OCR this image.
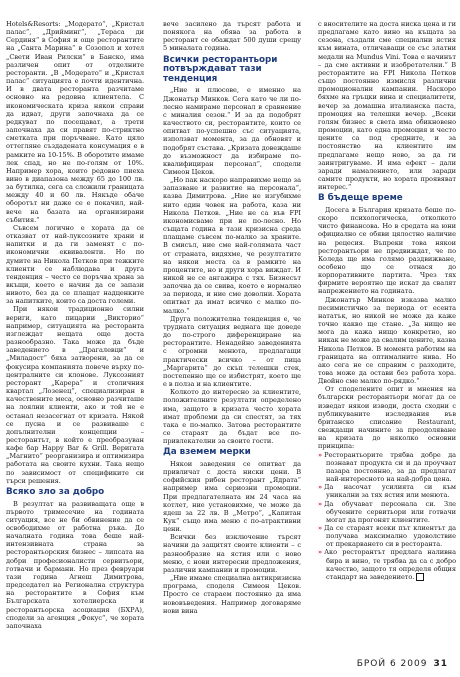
Hotels&Resorts: „Модерато“, „Кристал палас“, „Дрийминг“, „Тераса ди Сердиня“ в София и още ресторантите на „Санта Марина“ в Созопол и хотел „Свети Иван Рилски“ в Банско, има различен опит от отделните ресторанти. „В „Модерато“ и „Кристал палас“ ситуацията е почти идентична. И в двата ресторанта разчитаме основно на редовна клиентела. С икономическата криза някои справи да идват, други започнаха да се редкуват по посещават, а трети започнаха да си правят по-стриктно сметката при поръчване. Като цяло оттегляне създадената консумация е в рамките на 10-15%. В оборотите имаме лек спад, но не по-голям от 10%. Например хора, които редовно пиеха вино в диапазона между 65 до 100 лв. за бутилка, сега са сложили границата между 40 и 60 лв. Някъде обаче оборотът ни даже се е покачил, най-вече на базата на организирани събития.“

Съвсем логично е хората да се отказват от най-луксозните храни и напитки и да ги заменят с по-икономични еквиваленти. Но по думите на Никола Петков при тежките клиенти се наблюдава и друга тенденция – често се поръчва храна за вкъщи, което е начин да се запази нивото, без да се плащат надценките за напитките, които са доста големи.

При някои традиционно силни вериги, като пицарии „Викторио“ например, ситуацията на ресторанта изглеждат нещата още доста разнообразно. Така може да бъде заведението в „Драгалевци“ и „Миладост“ бяха затворени, за да се фокусира компанията повече върху по-централните си клонове. Луксозният ресторант „Карера“ и столичния квартал „Лозенец“, специализиран в качествените меса, основно разчиташе на лоялни клиенти, ако и той не е останал незасегнат от кризата. Някой се пусна и се развиваше с допълнителни концепции – ресторантът, в който е преобразуван кафе бар Нappy Bar & Grill. Веригата „Магнито“ реорганизира и оптимизира работата на своите кухни. Така нещо по зависимост от спецификите си търси решения.

Всяко зло за добро

В резултат на развиващата още в първото тримесечие на годината ситуация, все не би обвинение да се освободихме от работна ръка. До началната година това беше най-интензивната страна за ресторантьорския бизнес – липсата на добри професионалисти сервитьори, готвачи и бармани. Но през февруари тази година Агнеш Димитрова, председател на Регионална структура на ресторантите в София към Българската хотелиерска и ресторантьорска асоциация (БХРА), сподели за агенция „Фокус“, че хората започнаха

вече засилено да търсят работа и понякога на обява за работа в ресторант се обаждат 500 души срещу 5 миналата година.

Всички ресторантьори потвърждават тази тенденция

„Ние и плюсове, е именно на Джонатър Минков. Сега като че ли по-лесно намираме персонал в сравнение с миналия сезон.“ И за да подобрят качеството си, ресторантите, които се опитват по-успешно със ситуацията, използват момента, за да обновят и подобрят състава. „Кризата довеждаше до възможност да избираме по-квалифициран персонал“, сподели Симеон Цеков.

„Но пак наскоро направихме нещо за запазване и развитие на персонала“, казва Димитрова. „Ние не изгубихме нито един човек на работа, каза ни Никола Петков. „Ние не са във FPI икономисваме при не по-лесно. Но същата година в тази кризисна среда плащаме съвсем по-малко за храните. В смисъл, ние сме най-голямата част от страната, видяхме, че резултатите на някои места са в рамките на процентите, но и други хора виждат. И никой не се ангажира с тях. Бизнесът започна да се свива, което е нормално за периода, и ние сме доволни. Хората опитват да имат всичко с малко по-малко.“

Друга положителна тенденция е, че трудната ситуация веднага ще доведе до по-строго диференциране на ресторантите. Ненадейно заведенията с огромни менюта, предлагащи практически всичко – от пица „Маргарита“ до скъп телешки стек, постепенно ще се избистрят, което ще е в полза и на клиентите.

Колкото до интересно за клиентите, положителните резултати определено има, защото в кризата често хората имат проблеми да си спестят, за тях така е по-малко. Затова ресторантите се стараят да бъдат все по-привлекателни за своите гости.

Да вземем мерки

Някои заведения се опитват да привличат с доста ниски цени. В софийския рибен ресторант „Ядрата“ например има сериозни промоции. При предлагателната им 24 часа на котлет, ние установихме, че може да ядеш за 22 лв. В „Метро“, „Капитан Кук“ също има меню с по-атрактивни цени.

Всички без изключение търсят начини да защитят своите клиенти – с разнообразие на ястия или с ново меню, с нови интересни предложения, различни кампании и промоции.

„Ние имаме специална антикризисна програма, споделя Симеон Цеков. Просто се стараем постоянно да има нововъведения. Например договаряме нови вина

с вносителите на доста ниска цена и ги предлагаме като вино на къщата за сезона, създали сме специални ястия към вината, отличаващи се със златни медали на Mundus Vini. Това е начинът – да сме активни и изобретателни.“ В ресторантите на FPI Никола Петков също постоянно измисля различни промоционални кампании. Наскоро бяхме на гръцки вина и специалитети, вечер за домашна италианска паста, промоция на телешки вечер. „Всеки голям бизнес в света има обикновено промоции, като една промоция и често цените са под средните, и за постоянство на клиентите им предлагаме нещо ново, за да ги заинтригуваме. И има ефект – дали заради намалението, или заради самите продукти, но хората проявяват интерес.“

В бъдеще време

Досега в България кризата беше по-скоро психологическа, отколкото чисто финансова. Но в средата на юни официално се обяви цялостно наличие на рецесия. Въпреки това някои ресторантьори не предвиждат, че по Коледа ще има голямо раздвижване, особено що се отнася до корпоративните партита. Чрез тях фирмите вероятно ще искат да свалят напрежението на годината.

Джонатър Минков изказва малко песимистично за периода от есента нататък, но никой не може да каже точно какво ще стане. „За нищо не мога да кажа нищо конкретно, но никак не може да свалим цените, казва Никола Петков. В момента работим на границата на оптималните нива. Но ако сега не се справим с разходите, това може да остави без работа хора. Двойно сме малко по-рядко.“

От споделените опит и мнения на български ресторантьори могат да се изведат някои изводи, доста сходни с публикуваните изследвания във британско списание Restaurant, свеждащи начините за преодоляване на кризата до няколко основни принципа:

» Ресторантьорите трябва добре да познават продукта си и да проучват пазара постоянно, за да предлагат най-интересното на най-добра цена.
» Да насочат усилията си към уникални за тях ястия или менюта.
» Да обучават персонала си. Зле обучените сервитьори или готвачи могат да прогонят клиентите.
» Да се стараят всеки път клиентът да получава максимално удоволствие от прекарването си в ресторанта.
» Ако ресторантът предлага наливна бира и вино, те трябва да са с добро качество, защото тя определя общия стандарт на заведението.
БРОЙ 6 2009 31
